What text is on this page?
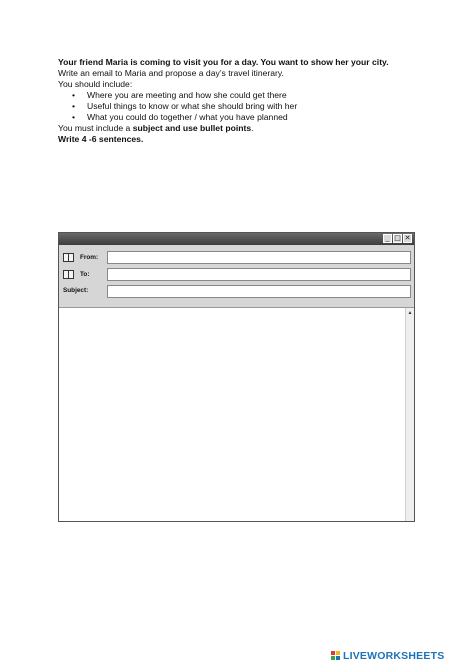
Your friend Maria is coming to visit you for a day. You want to show her your city.

Write an email to Maria and propose a day’s travel itinerary.

You should include:

• Where you are meeting and how she could get there
• Useful things to know or what she should bring with her
• What you could do together / what you have planned

You must include a subject and use bullet points.

Write 4 -6 sentences.

_ □ ✕
From:
To:
Subject:
▲
LIVEWORKSHEETS
